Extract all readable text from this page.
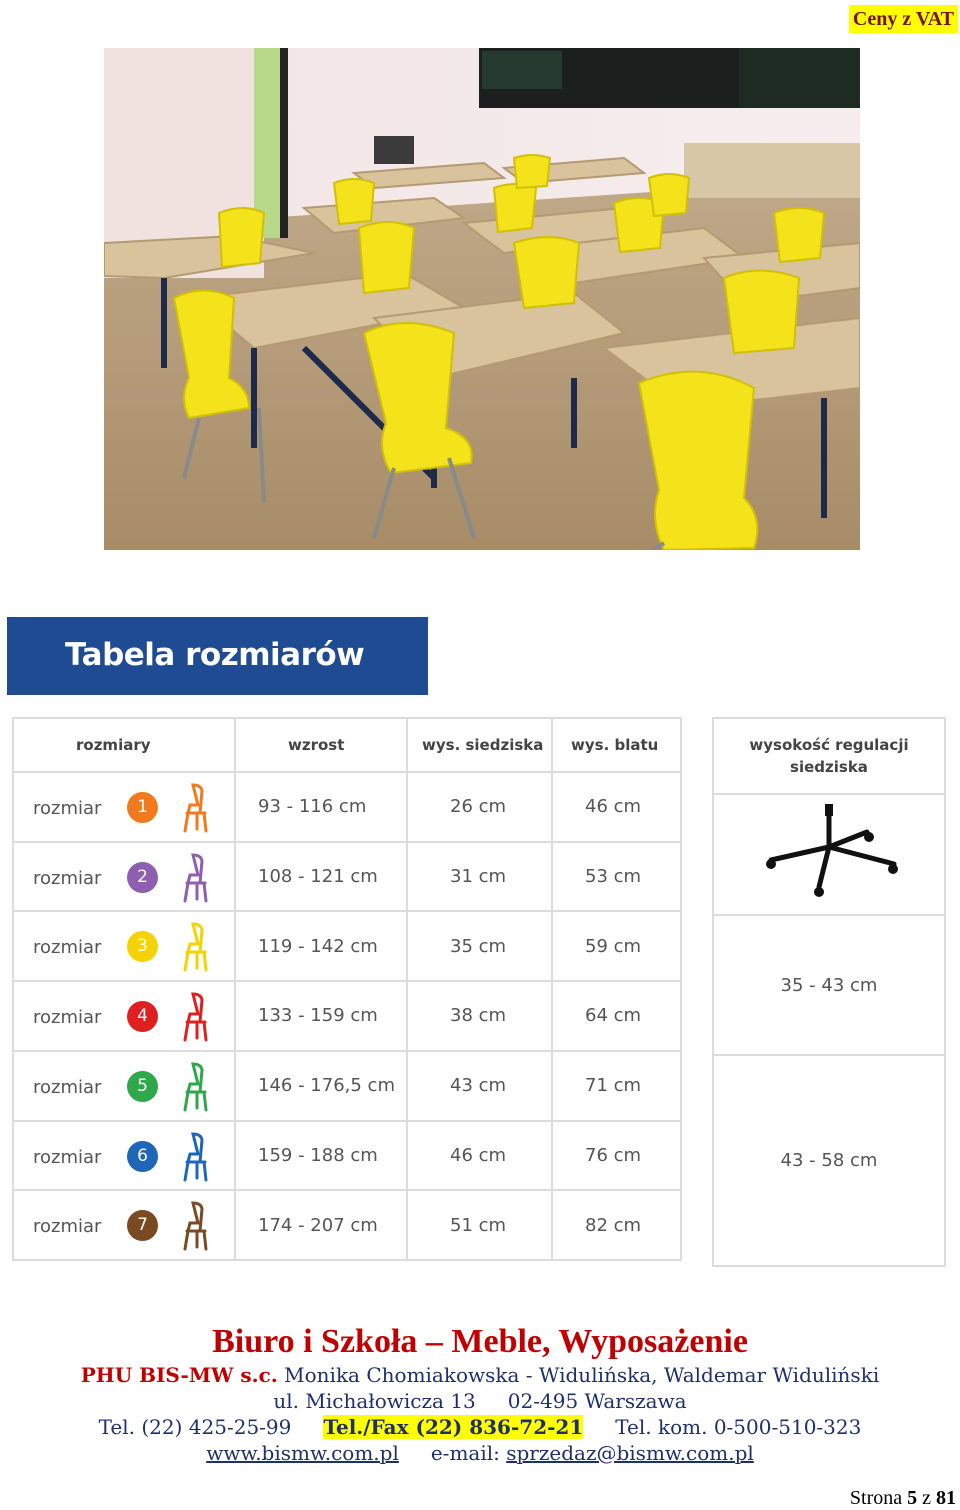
Ceny z VAT
Tabela rozmiarów
rozmiary	wzrost	wys. siedziska	wys. blatu

rozmiar 1	93 - 116 cm	26 cm	46 cm

rozmiar 2	108 - 121 cm	31 cm	53 cm

rozmiar 3	119 - 142 cm	35 cm	59 cm

rozmiar 4	133 - 159 cm	38 cm	64 cm

rozmiar 5	146 - 176,5 cm	43 cm	71 cm

rozmiar 6	159 - 188 cm	46 cm	76 cm

rozmiar 7	174 - 207 cm	51 cm	82 cm
wysokość regulacji
siedziska

35 - 43 cm
43 - 58 cm
Biuro i Szkoła – Meble, Wyposażenie
PHU BIS-MW s.c. Monika Chomiakowska - Widulińska, Waldemar Widuliński
ul. Michałowicza 13 02-495 Warszawa
Tel. (22) 425-25-99 Tel./Fax (22) 836-72-21 Tel. kom. 0-500-510-323
www.bismw.com.pl e-mail: sprzedaz@bismw.com.pl
Strona 5 z 81
